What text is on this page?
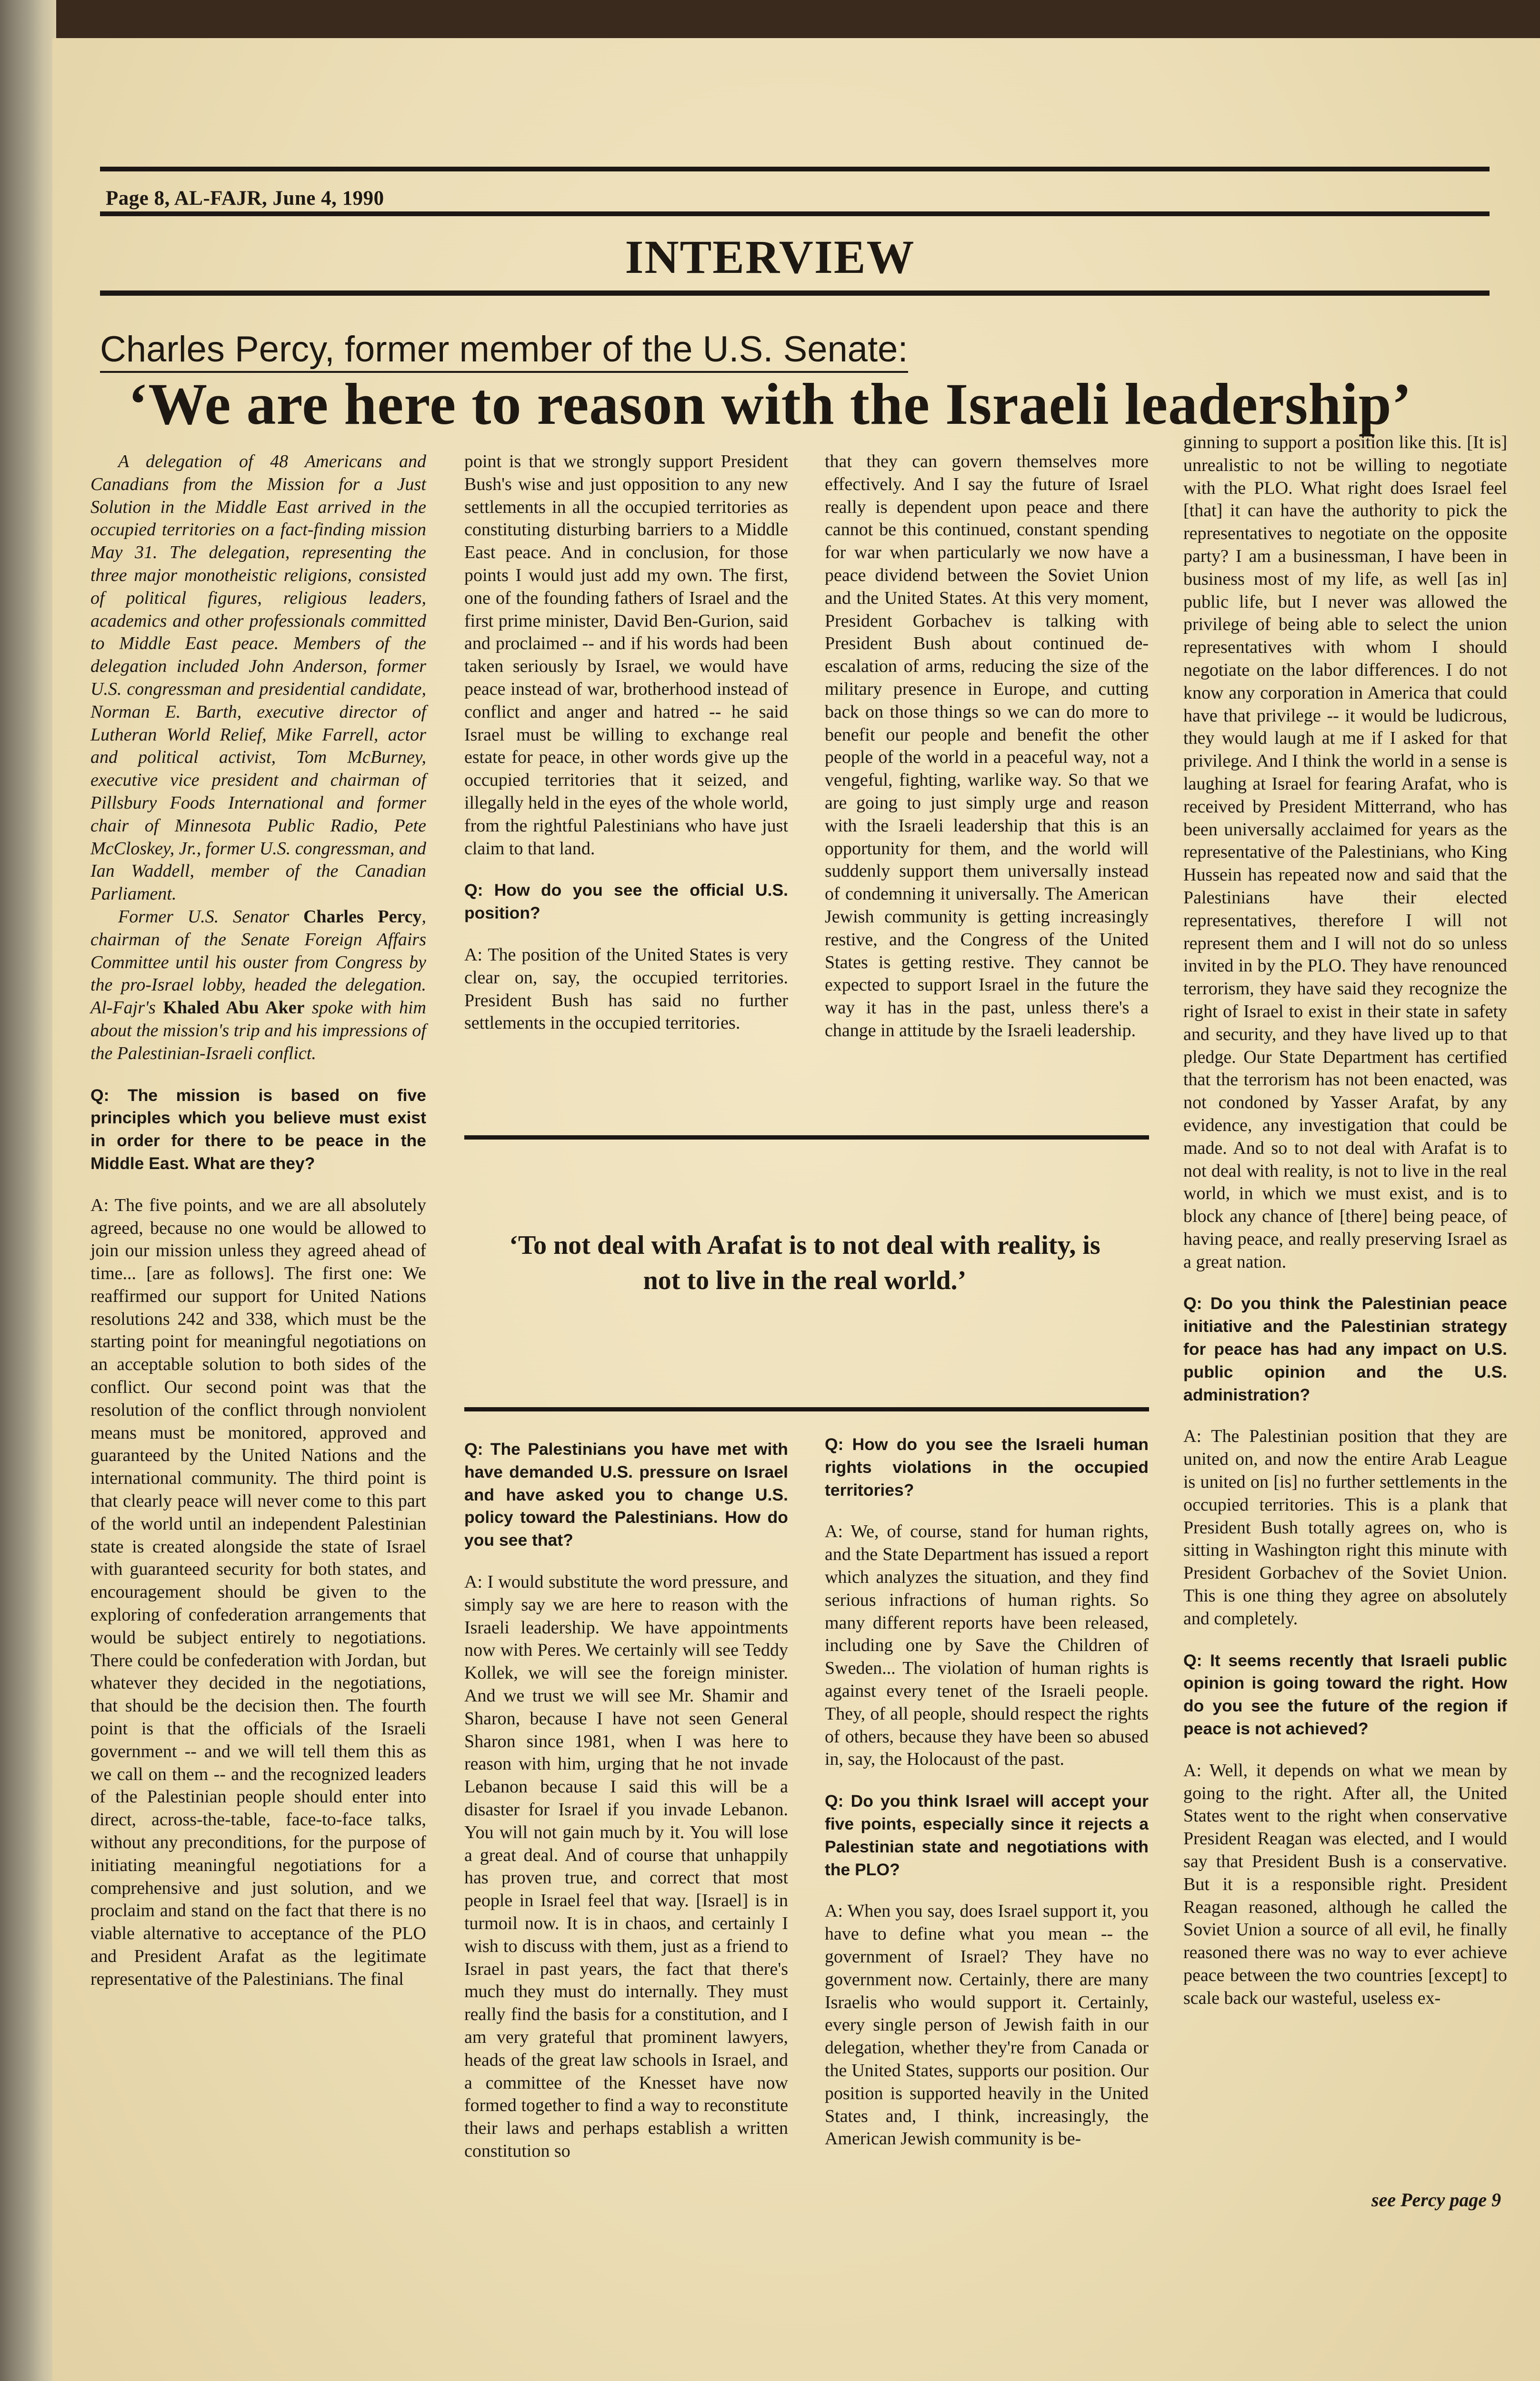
Page 8, AL-FAJR, June 4, 1990
INTERVIEW
Charles Percy, former member of the U.S. Senate:
‘We are here to reason with the Israeli leadership’

A delegation of 48 Americans and Canadians from the Mission for a Just Solution in the Middle East arrived in the occupied territories on a fact-finding mission May 31. The delegation, representing the three major monotheistic religions, consisted of political figures, religious leaders, academics and other professionals committed to Middle East peace. Members of the delegation included John Anderson, former U.S. congressman and presidential candidate, Norman E. Barth, executive director of Lutheran World Relief, Mike Farrell, actor and political activist, Tom McBurney, executive vice president and chairman of Pillsbury Foods International and former chair of Minnesota Public Radio, Pete McCloskey, Jr., former U.S. congressman, and Ian Waddell, member of the Canadian Parliament.

Former U.S. Senator Charles Percy, chairman of the Senate Foreign Affairs Committee until his ouster from Congress by the pro-Israel lobby, headed the delegation. Al-Fajr's Khaled Abu Aker spoke with him about the mission's trip and his impressions of the Palestinian-Israeli conflict.

Q: The mission is based on five principles which you believe must exist in order for there to be peace in the Middle East. What are they?

A: The five points, and we are all absolutely agreed, because no one would be allowed to join our mission unless they agreed ahead of time... [are as follows]. The first one: We reaffirmed our support for United Nations resolutions 242 and 338, which must be the starting point for meaningful negotiations on an acceptable solution to both sides of the conflict. Our second point was that the resolution of the conflict through nonviolent means must be monitored, approved and guaranteed by the United Nations and the international community. The third point is that clearly peace will never come to this part of the world until an independent Palestinian state is created alongside the state of Israel with guaranteed security for both states, and encouragement should be given to the exploring of confederation arrangements that would be subject entirely to negotiations. There could be confederation with Jordan, but whatever they decided in the negotiations, that should be the decision then. The fourth point is that the officials of the Israeli government -- and we will tell them this as we call on them -- and the recognized leaders of the Palestinian people should enter into direct, across-the-table, face-to-face talks, without any preconditions, for the purpose of initiating meaningful negotiations for a comprehensive and just solution, and we proclaim and stand on the fact that there is no viable alternative to acceptance of the PLO and President Arafat as the legitimate representative of the Palestinians. The final

point is that we strongly support President Bush's wise and just opposition to any new settlements in all the occupied territories as constituting disturbing barriers to a Middle East peace. And in conclusion, for those points I would just add my own. The first, one of the founding fathers of Israel and the first prime minister, David Ben-Gurion, said and proclaimed -- and if his words had been taken seriously by Israel, we would have peace instead of war, brotherhood instead of conflict and anger and hatred -- he said Israel must be willing to exchange real estate for peace, in other words give up the occupied territories that it seized, and illegally held in the eyes of the whole world, from the rightful Palestinians who have just claim to that land.

Q: How do you see the official U.S. position?

A: The position of the United States is very clear on, say, the occupied territories. President Bush has said no further settlements in the occupied territories.

that they can govern themselves more effectively. And I say the future of Israel really is dependent upon peace and there cannot be this continued, constant spending for war when particularly we now have a peace dividend between the Soviet Union and the United States. At this very moment, President Gorbachev is talking with President Bush about continued de-escalation of arms, reducing the size of the military presence in Europe, and cutting back on those things so we can do more to benefit our people and benefit the other people of the world in a peaceful way, not a vengeful, fighting, warlike way. So that we are going to just simply urge and reason with the Israeli leadership that this is an opportunity for them, and the world will suddenly support them universally instead of condemning it universally. The American Jewish community is getting increasingly restive, and the Congress of the United States is getting restive. They cannot be expected to support Israel in the future the way it has in the past, unless there's a change in attitude by the Israeli leadership.

‘To not deal with Arafat is to not deal with reality, is not to live in the real world.’

Q: The Palestinians you have met with have demanded U.S. pressure on Israel and have asked you to change U.S. policy toward the Palestinians. How do you see that?

A: I would substitute the word pressure, and simply say we are here to reason with the Israeli leadership. We have appointments now with Peres. We certainly will see Teddy Kollek, we will see the foreign minister. And we trust we will see Mr. Shamir and Sharon, because I have not seen General Sharon since 1981, when I was here to reason with him, urging that he not invade Lebanon because I said this will be a disaster for Israel if you invade Lebanon. You will not gain much by it. You will lose a great deal. And of course that unhappily has proven true, and correct that most people in Israel feel that way. [Israel] is in turmoil now. It is in chaos, and certainly I wish to discuss with them, just as a friend to Israel in past years, the fact that there's much they must do internally. They must really find the basis for a constitution, and I am very grateful that prominent lawyers, heads of the great law schools in Israel, and a committee of the Knesset have now formed together to find a way to reconstitute their laws and perhaps establish a written constitution so

Q: How do you see the Israeli human rights violations in the occupied territories?

A: We, of course, stand for human rights, and the State Department has issued a report which analyzes the situation, and they find serious infractions of human rights. So many different reports have been released, including one by Save the Children of Sweden... The violation of human rights is against every tenet of the Israeli people. They, of all people, should respect the rights of others, because they have been so abused in, say, the Holocaust of the past.

Q: Do you think Israel will accept your five points, especially since it rejects a Palestinian state and negotiations with the PLO?

A: When you say, does Israel support it, you have to define what you mean -- the government of Israel? They have no government now. Certainly, there are many Israelis who would support it. Certainly, every single person of Jewish faith in our delegation, whether they're from Canada or the United States, supports our position. Our position is supported heavily in the United States and, I think, increasingly, the American Jewish community is be-

ginning to support a position like this. [It is] unrealistic to not be willing to negotiate with the PLO. What right does Israel feel [that] it can have the authority to pick the representatives to negotiate on the opposite party? I am a businessman, I have been in business most of my life, as well [as in] public life, but I never was allowed the privilege of being able to select the union representatives with whom I should negotiate on the labor differences. I do not know any corporation in America that could have that privilege -- it would be ludicrous, they would laugh at me if I asked for that privilege. And I think the world in a sense is laughing at Israel for fearing Arafat, who is received by President Mitterrand, who has been universally acclaimed for years as the representative of the Palestinians, who King Hussein has repeated now and said that the Palestinians have their elected representatives, therefore I will not represent them and I will not do so unless invited in by the PLO. They have renounced terrorism, they have said they recognize the right of Israel to exist in their state in safety and security, and they have lived up to that pledge. Our State Department has certified that the terrorism has not been enacted, was not condoned by Yasser Arafat, by any evidence, any investigation that could be made. And so to not deal with Arafat is to not deal with reality, is not to live in the real world, in which we must exist, and is to block any chance of [there] being peace, of having peace, and really preserving Israel as a great nation.

Q: Do you think the Palestinian peace initiative and the Palestinian strategy for peace has had any impact on U.S. public opinion and the U.S. administration?

A: The Palestinian position that they are united on, and now the entire Arab League is united on [is] no further settlements in the occupied territories. This is a plank that President Bush totally agrees on, who is sitting in Washington right this minute with President Gorbachev of the Soviet Union. This is one thing they agree on absolutely and completely.

Q: It seems recently that Israeli public opinion is going toward the right. How do you see the future of the region if peace is not achieved?

A: Well, it depends on what we mean by going to the right. After all, the United States went to the right when conservative President Reagan was elected, and I would say that President Bush is a conservative. But it is a responsible right. President Reagan reasoned, although he called the Soviet Union a source of all evil, he finally reasoned there was no way to ever achieve peace between the two countries [except] to scale back our wasteful, useless ex-

see Percy page 9
